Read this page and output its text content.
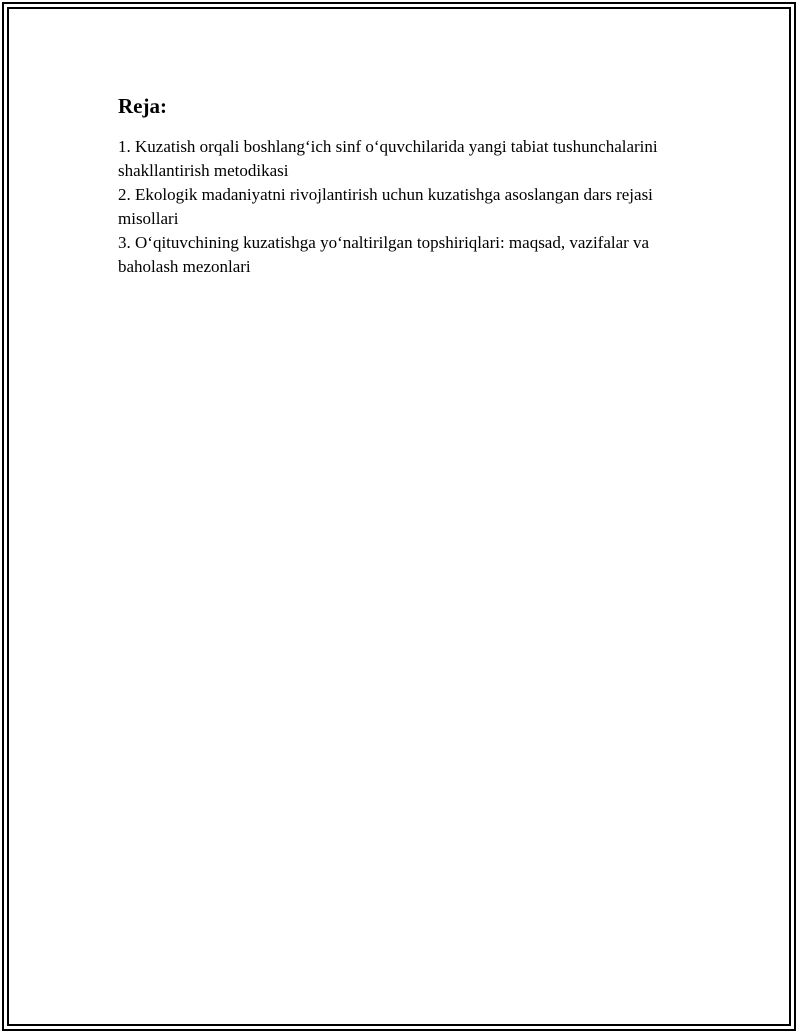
Reja:
1. Kuzatish orqali boshlang‘ich sinf o‘quvchilarida yangi tabiat tushunchalarini shakllantirish metodikasi
2. Ekologik madaniyatni rivojlantirish uchun kuzatishga asoslangan dars rejasi misollari
3. O‘qituvchining kuzatishga yo‘naltirilgan topshiriqlari: maqsad, vazifalar va baholash mezonlari
